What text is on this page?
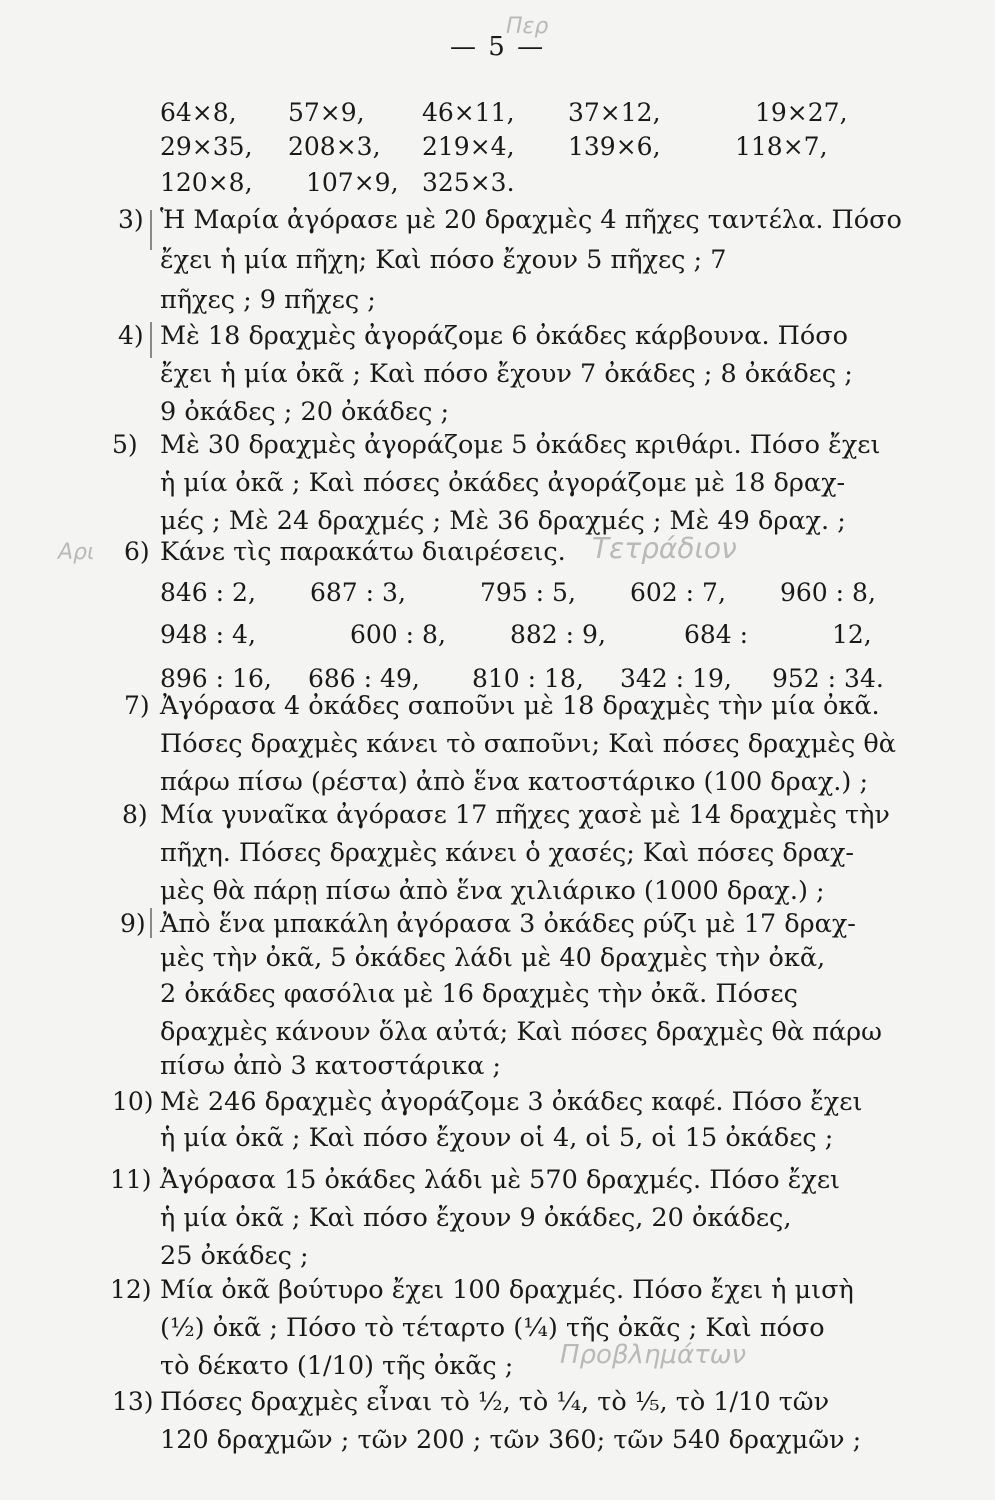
— 5 —
Περ
64×8, 57×9, 46×11, 37×12,	19×27,
29×35, 208×3, 219×4, 139×6,	118×7,
120×8, 107×9, 325×3.
3) Ἡ Μαρία ἀγόρασε μὲ 20 δραχμὲς 4 πῆχες ταντέλα. Πόσο
ἔχει ἡ μία πῆχη; Καὶ πόσο ἔχουν 5 πῆχες ; 7
πῆχες ; 9 πῆχες ;
4) Μὲ 18 δραχμὲς ἀγοράζομε 6 ὀκάδες κάρβουνα. Πόσο
ἔχει ἡ μία ὀκᾶ ; Καὶ πόσο ἔχουν 7 ὀκάδες ; 8 ὀκάδες ;
9 ὀκάδες ; 20 ὀκάδες ;
5) Μὲ 30 δραχμὲς ἀγοράζομε 5 ὀκάδες κριθάρι. Πόσο ἔχει
ἡ μία ὀκᾶ ; Καὶ πόσες ὀκάδες ἀγοράζομε μὲ 18 δραχ-
μές ; Μὲ 24 δραχμές ; Μὲ 36 δραχμές ; Μὲ 49 δραχ. ;
6) Κάνε τὶς παρακάτω διαιρέσεις. Τετράδιον
Αρι
846 : 2, 687 : 3,	795 : 5, 602 : 7, 960 : 8,
948 : 4,	600 : 8,	882 : 9,	684 :	12,
896 : 16, 686 : 49, 810 : 18, 342 : 19, 952 : 34.
7) Ἀγόρασα 4 ὀκάδες σαποῦνι μὲ 18 δραχμὲς τὴν μία ὀκᾶ.
Πόσες δραχμὲς κάνει τὸ σαποῦνι; Καὶ πόσες δραχμὲς θὰ
πάρω πίσω (ρέστα) ἀπὸ ἕνα κατοστάρικο (100 δραχ.) ;
8) Μία γυναῖκα ἀγόρασε 17 πῆχες χασὲ μὲ 14 δραχμὲς τὴν
πῆχη. Πόσες δραχμὲς κάνει ὁ χασές; Καὶ πόσες δραχ-
μὲς θὰ πάρῃ πίσω ἀπὸ ἕνα χιλιάρικο (1000 δραχ.) ;
9) Ἀπὸ ἕνα μπακάλη ἀγόρασα 3 ὀκάδες ρύζι μὲ 17 δραχ-
μὲς τὴν ὀκᾶ, 5 ὀκάδες λάδι μὲ 40 δραχμὲς τὴν ὀκᾶ,
2 ὀκάδες φασόλια μὲ 16 δραχμὲς τὴν ὀκᾶ. Πόσες
δραχμὲς κάνουν ὅλα αὐτά; Καὶ πόσες δραχμὲς θὰ πάρω
πίσω ἀπὸ 3 κατοστάρικα ;
10) Μὲ 246 δραχμὲς ἀγοράζομε 3 ὀκάδες καφέ. Πόσο ἔχει
ἡ μία ὀκᾶ ; Καὶ πόσο ἔχουν οἱ 4, οἱ 5, οἱ 15 ὀκάδες ;
11) Ἀγόρασα 15 ὀκάδες λάδι μὲ 570 δραχμές. Πόσο ἔχει
ἡ μία ὀκᾶ ; Καὶ πόσο ἔχουν 9 ὀκάδες, 20 ὀκάδες,
25 ὀκάδες ;
12) Μία ὀκᾶ βούτυρο ἔχει 100 δραχμές. Πόσο ἔχει ἡ μισὴ
(½) ὀκᾶ ; Πόσο τὸ τέταρτο (¼) τῆς ὀκᾶς ; Καὶ πόσο
τὸ δέκατο (1/10) τῆς ὀκᾶς ; Προβλημάτων
13) Πόσες δραχμὲς εἶναι τὸ ½, τὸ ¼, τὸ ⅕, τὸ 1/10 τῶν
120 δραχμῶν ; τῶν 200 ; τῶν 360; τῶν 540 δραχμῶν ;
